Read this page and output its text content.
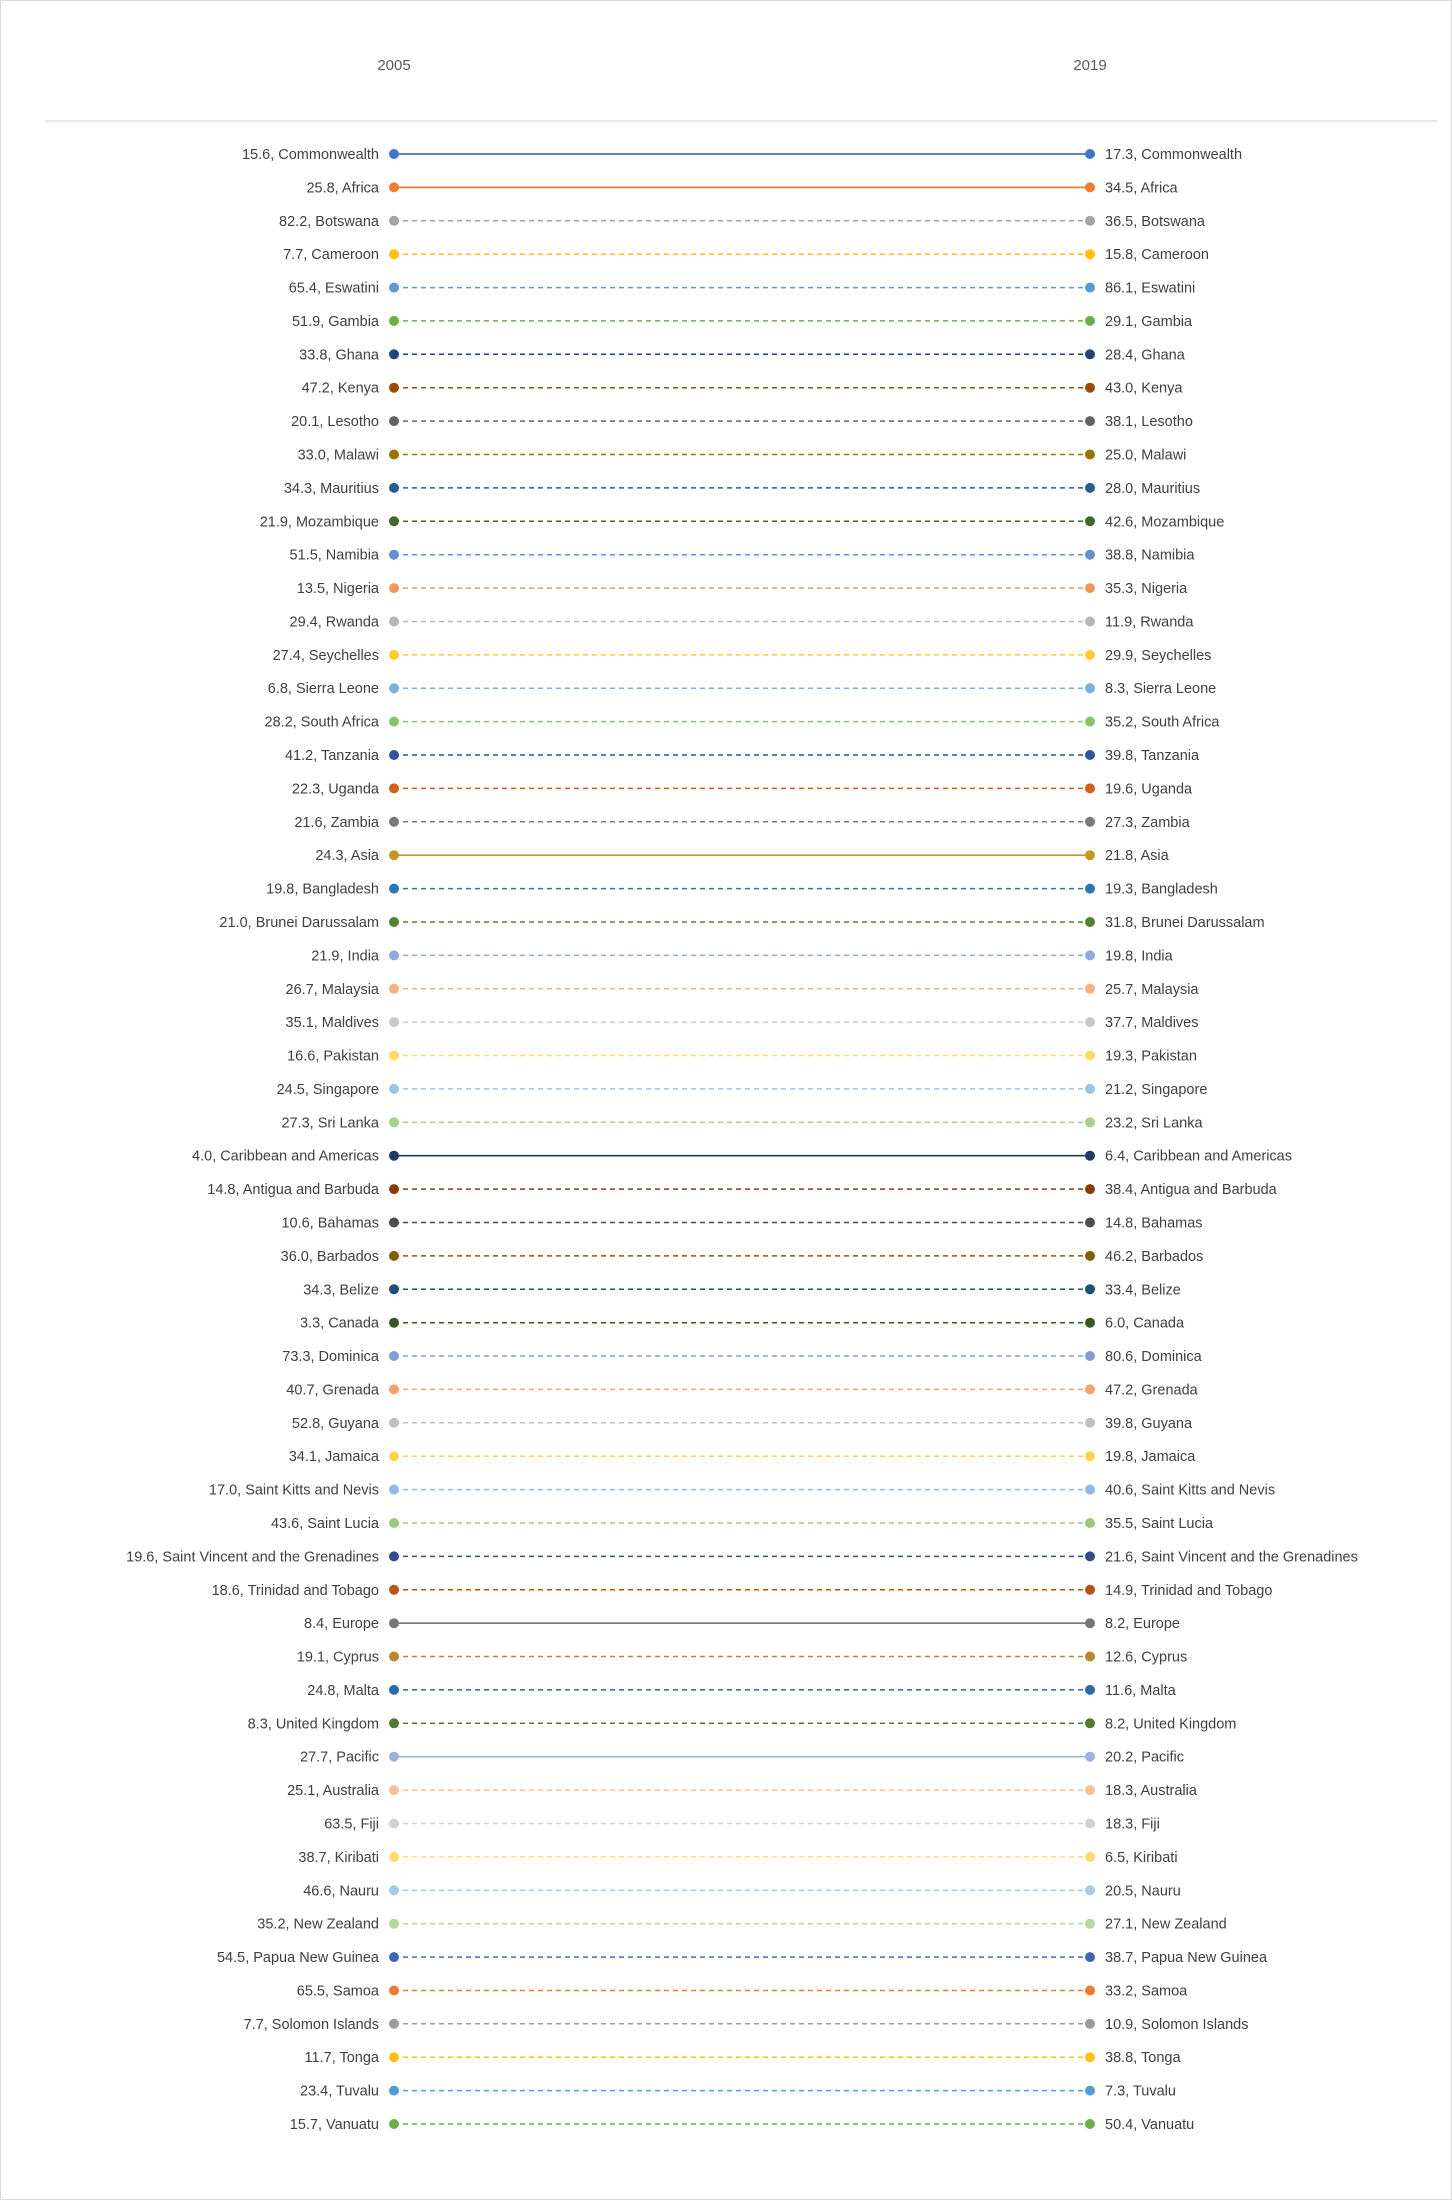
2005	2019
15.6, Commonwealth	17.3, Commonwealth
25.8, Africa	34.5, Africa
82.2, Botswana	36.5, Botswana
7.7, Cameroon	15.8, Cameroon
65.4, Eswatini	86.1, Eswatini
51.9, Gambia	29.1, Gambia
33.8, Ghana	28.4, Ghana
47.2, Kenya	43.0, Kenya
20.1, Lesotho	38.1, Lesotho
33.0, Malawi	25.0, Malawi
34.3, Mauritius	28.0, Mauritius
21.9, Mozambique	42.6, Mozambique
51.5, Namibia	38.8, Namibia
13.5, Nigeria	35.3, Nigeria
29.4, Rwanda	11.9, Rwanda
27.4, Seychelles	29.9, Seychelles
6.8, Sierra Leone	8.3, Sierra Leone
28.2, South Africa	35.2, South Africa
41.2, Tanzania	39.8, Tanzania
22.3, Uganda	19.6, Uganda
21.6, Zambia	27.3, Zambia
24.3, Asia	21.8, Asia
19.8, Bangladesh	19.3, Bangladesh
21.0, Brunei Darussalam	31.8, Brunei Darussalam
21.9, India	19.8, India
26.7, Malaysia	25.7, Malaysia
35.1, Maldives	37.7, Maldives
16.6, Pakistan	19.3, Pakistan
24.5, Singapore	21.2, Singapore
27.3, Sri Lanka	23.2, Sri Lanka
4.0, Caribbean and Americas	6.4, Caribbean and Americas
14.8, Antigua and Barbuda	38.4, Antigua and Barbuda
10.6, Bahamas	14.8, Bahamas
36.0, Barbados	46.2, Barbados
34.3, Belize	33.4, Belize
3.3, Canada	6.0, Canada
73.3, Dominica	80.6, Dominica
40.7, Grenada	47.2, Grenada
52.8, Guyana	39.8, Guyana
34.1, Jamaica	19.8, Jamaica
17.0, Saint Kitts and Nevis	40.6, Saint Kitts and Nevis
43.6, Saint Lucia	35.5, Saint Lucia
19.6, Saint Vincent and the Grenadines	21.6, Saint Vincent and the Grenadines
18.6, Trinidad and Tobago	14.9, Trinidad and Tobago
8.4, Europe	8.2, Europe
19.1, Cyprus	12.6, Cyprus
24.8, Malta	11.6, Malta
8.3, United Kingdom	8.2, United Kingdom
27.7, Pacific	20.2, Pacific
25.1, Australia	18.3, Australia
63.5, Fiji	18.3, Fiji
38.7, Kiribati	6.5, Kiribati
46.6, Nauru	20.5, Nauru
35.2, New Zealand	27.1, New Zealand
54.5, Papua New Guinea	38.7, Papua New Guinea
65.5, Samoa	33.2, Samoa
7.7, Solomon Islands	10.9, Solomon Islands
11.7, Tonga	38.8, Tonga
23.4, Tuvalu	7.3, Tuvalu
15.7, Vanuatu	50.4, Vanuatu
